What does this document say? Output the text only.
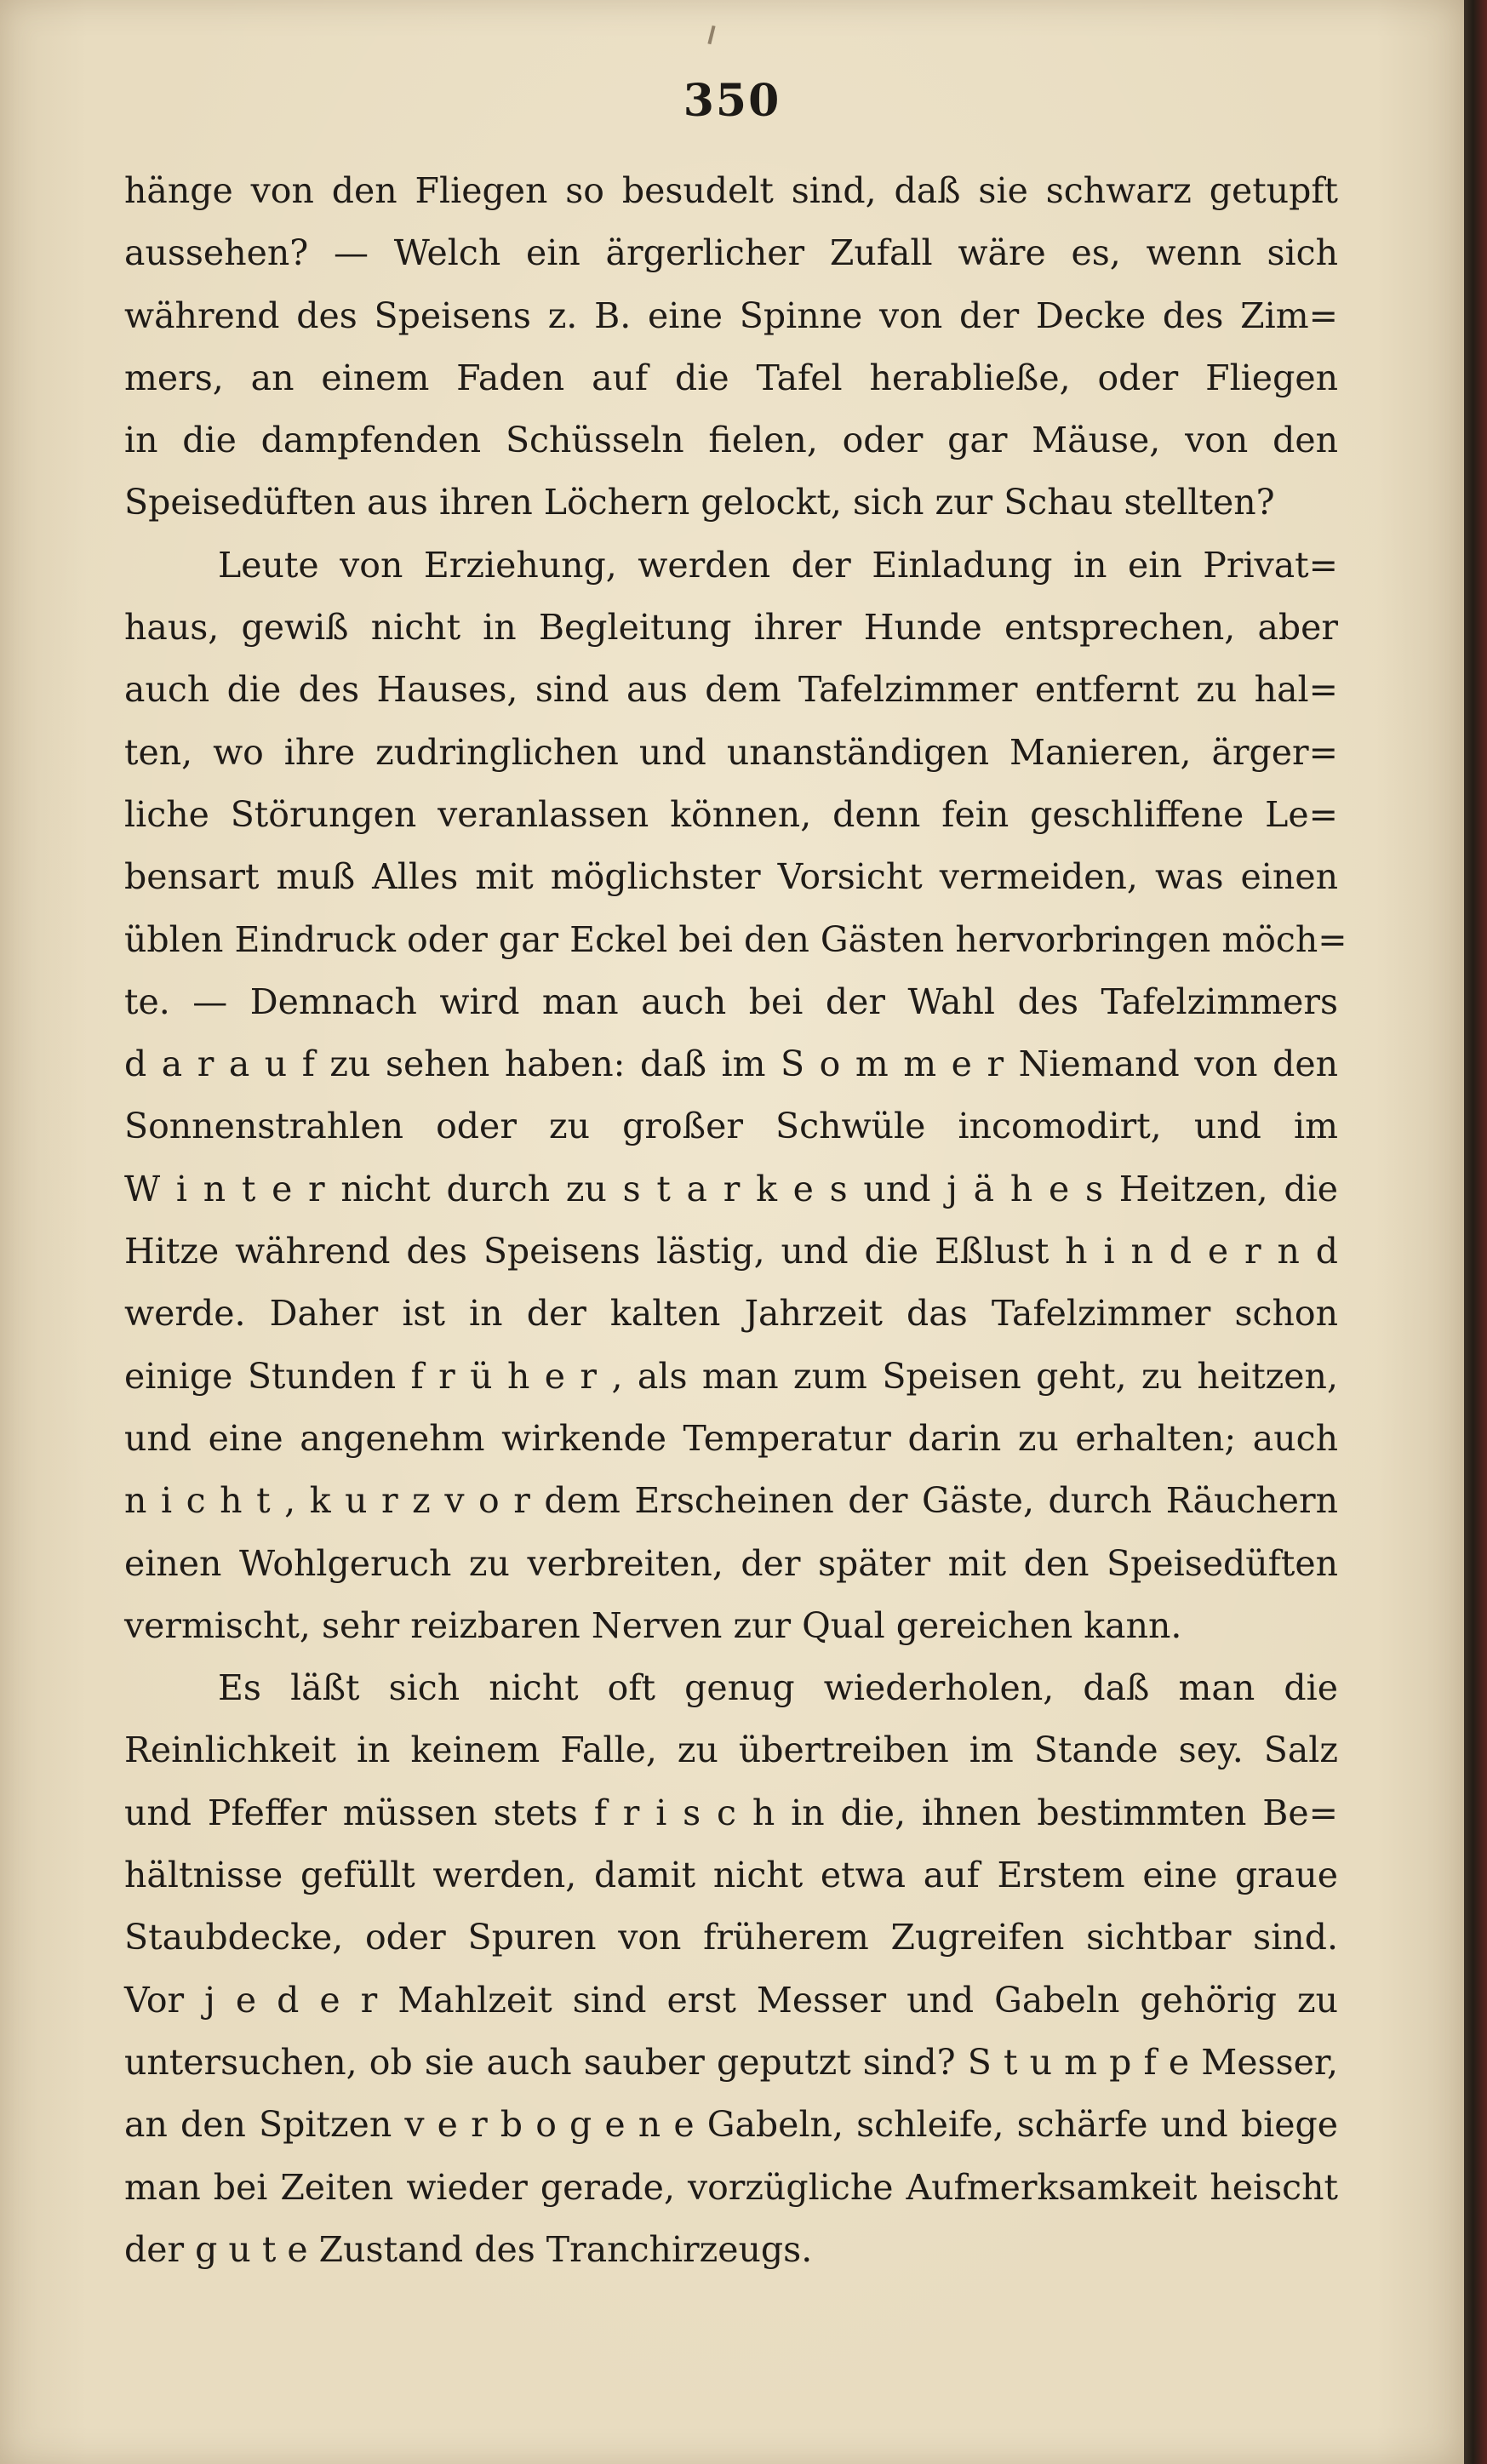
350
hänge von den Fliegen so besudelt sind, daß sie schwarz getupft
aussehen? — Welch ein ärgerlicher Zufall wäre es, wenn sich
während des Speisens z. B. eine Spinne von der Decke des Zim=
mers, an einem Faden auf die Tafel herabließe, oder Fliegen
in die dampfenden Schüsseln fielen, oder gar Mäuse, von den
Speisedüften aus ihren Löchern gelockt, sich zur Schau stellten?
Leute von Erziehung, werden der Einladung in ein Privat=
haus, gewiß nicht in Begleitung ihrer Hunde entsprechen, aber
auch die des Hauses, sind aus dem Tafelzimmer entfernt zu hal=
ten, wo ihre zudringlichen und unanständigen Manieren, ärger=
liche Störungen veranlassen können, denn fein geschliffene Le=
bensart muß Alles mit möglichster Vorsicht vermeiden, was einen
üblen Eindruck oder gar Eckel bei den Gästen hervorbringen möch=
te. — Demnach wird man auch bei der Wahl des Tafelzimmers
d a r a u f zu sehen haben: daß im S o m m e r Niemand von den
Sonnenstrahlen oder zu großer Schwüle incomodirt, und im
W i n t e r nicht durch zu s t a r k e s und j ä h e s Heitzen, die
Hitze während des Speisens lästig, und die Eßlust h i n d e r n d
werde. Daher ist in der kalten Jahrzeit das Tafelzimmer schon
einige Stunden f r ü h e r , als man zum Speisen geht, zu heitzen,
und eine angenehm wirkende Temperatur darin zu erhalten; auch
n i c h t , k u r z v o r dem Erscheinen der Gäste, durch Räuchern
einen Wohlgeruch zu verbreiten, der später mit den Speisedüften
vermischt, sehr reizbaren Nerven zur Qual gereichen kann.
Es läßt sich nicht oft genug wiederholen, daß man die
Reinlichkeit in keinem Falle, zu übertreiben im Stande sey. Salz
und Pfeffer müssen stets f r i s c h in die, ihnen bestimmten Be=
hältnisse gefüllt werden, damit nicht etwa auf Erstem eine graue
Staubdecke, oder Spuren von früherem Zugreifen sichtbar sind.
Vor j e d e r Mahlzeit sind erst Messer und Gabeln gehörig zu
untersuchen, ob sie auch sauber geputzt sind? S t u m p f e Messer,
an den Spitzen v e r b o g e n e Gabeln, schleife, schärfe und biege
man bei Zeiten wieder gerade, vorzügliche Aufmerksamkeit heischt
der g u t e Zustand des Tranchirzeugs.
